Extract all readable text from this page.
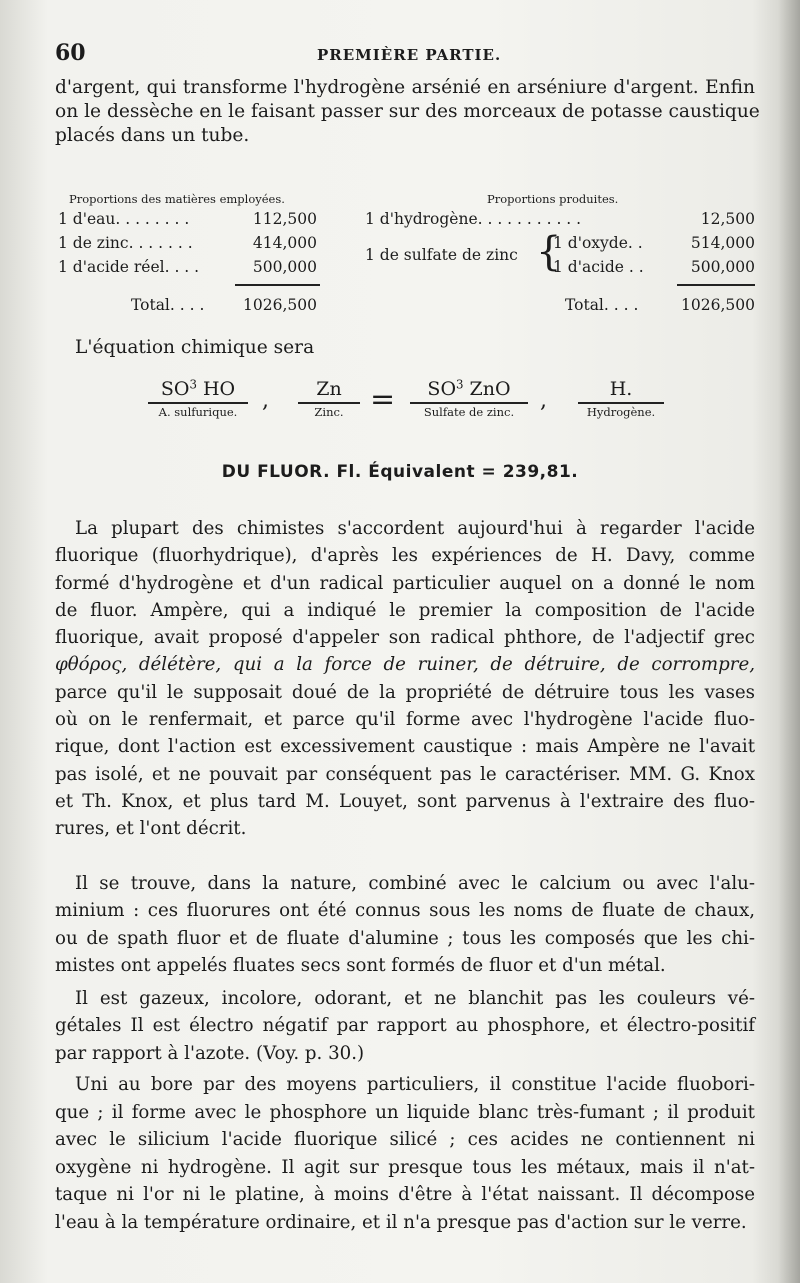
60	PREMIÈRE PARTIE.

d'argent, qui transforme l'hydrogène arsénié en arséniure d'argent. Enfin
on le dessèche en le faisant passer sur des morceaux de potasse caustique
placés dans un tube.

Proportions des matières employées.	Proportions produites.
1 d'eau. . . . . . . .	112,500
1 de zinc. . . . . . .	414,000
1 d'acide réel. . . .	500,000
Total. . . . 1026,500
1 d'hydrogène. . . . . . . . . . .	12,500
1 de sulfate de zinc {
1 d'oxyde. .	514,000
1 d'acide . .	500,000
Total. . . .	1026,500
L'équation chimique sera
$SO^3$ HO
A. sulfurique.	,	Zn
Zinc. =	$SO^3$ ZnO
Sulfate de zinc.	,	H.
Hydrogène.
DU FLUOR. Fl. Équivalent = 239,81.

La plupart des chimistes s'accordent aujourd'hui à regarder l'acide
fluorique (fluorhydrique), d'après les expériences de H. Davy, comme
formé d'hydrogène et d'un radical particulier auquel on a donné le nom
de fluor. Ampère, qui a indiqué le premier la composition de l'acide
fluorique, avait proposé d'appeler son radical phthore, de l'adjectif grec
φθόρος, délétère, qui a la force de ruiner, de détruire, de corrompre,
parce qu'il le supposait doué de la propriété de détruire tous les vases
où on le renfermait, et parce qu'il forme avec l'hydrogène l'acide fluo-
rique, dont l'action est excessivement caustique : mais Ampère ne l'avait
pas isolé, et ne pouvait par conséquent pas le caractériser. MM. G. Knox
et Th. Knox, et plus tard M. Louyet, sont parvenus à l'extraire des fluo-
rures, et l'ont décrit.

Il se trouve, dans la nature, combiné avec le calcium ou avec l'alu-
minium : ces fluorures ont été connus sous les noms de fluate de chaux,
ou de spath fluor et de fluate d'alumine ; tous les composés que les chi-
mistes ont appelés fluates secs sont formés de fluor et d'un métal.

Il est gazeux, incolore, odorant, et ne blanchit pas les couleurs vé-
gétales Il est électro négatif par rapport au phosphore, et électro-positif
par rapport à l'azote. (Voy. p. 30.)

Uni au bore par des moyens particuliers, il constitue l'acide fluobori-
que ; il forme avec le phosphore un liquide blanc très-fumant ; il produit
avec le silicium l'acide fluorique silicé ; ces acides ne contiennent ni
oxygène ni hydrogène. Il agit sur presque tous les métaux, mais il n'at-
taque ni l'or ni le platine, à moins d'être à l'état naissant. Il décompose
l'eau à la température ordinaire, et il n'a presque pas d'action sur le verre.
